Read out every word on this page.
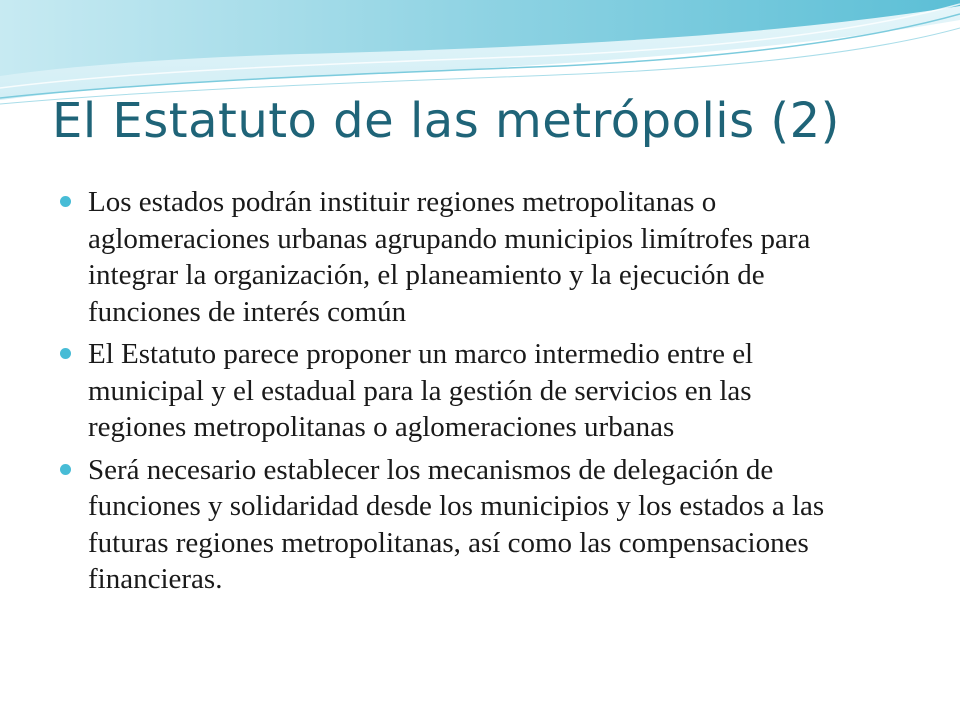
El Estatuto de las metrópolis (2)
Los estados podrán instituir regiones metropolitanas o aglomeraciones urbanas agrupando municipios limítrofes para integrar la organización, el planeamiento y la ejecución de funciones de interés común
El Estatuto parece proponer un marco intermedio entre el municipal y el estadual para la gestión de servicios en las regiones metropolitanas o aglomeraciones urbanas
Será necesario establecer los mecanismos de delegación de funciones y solidaridad desde los municipios y los estados a las futuras regiones metropolitanas, así como las compensaciones financieras.
